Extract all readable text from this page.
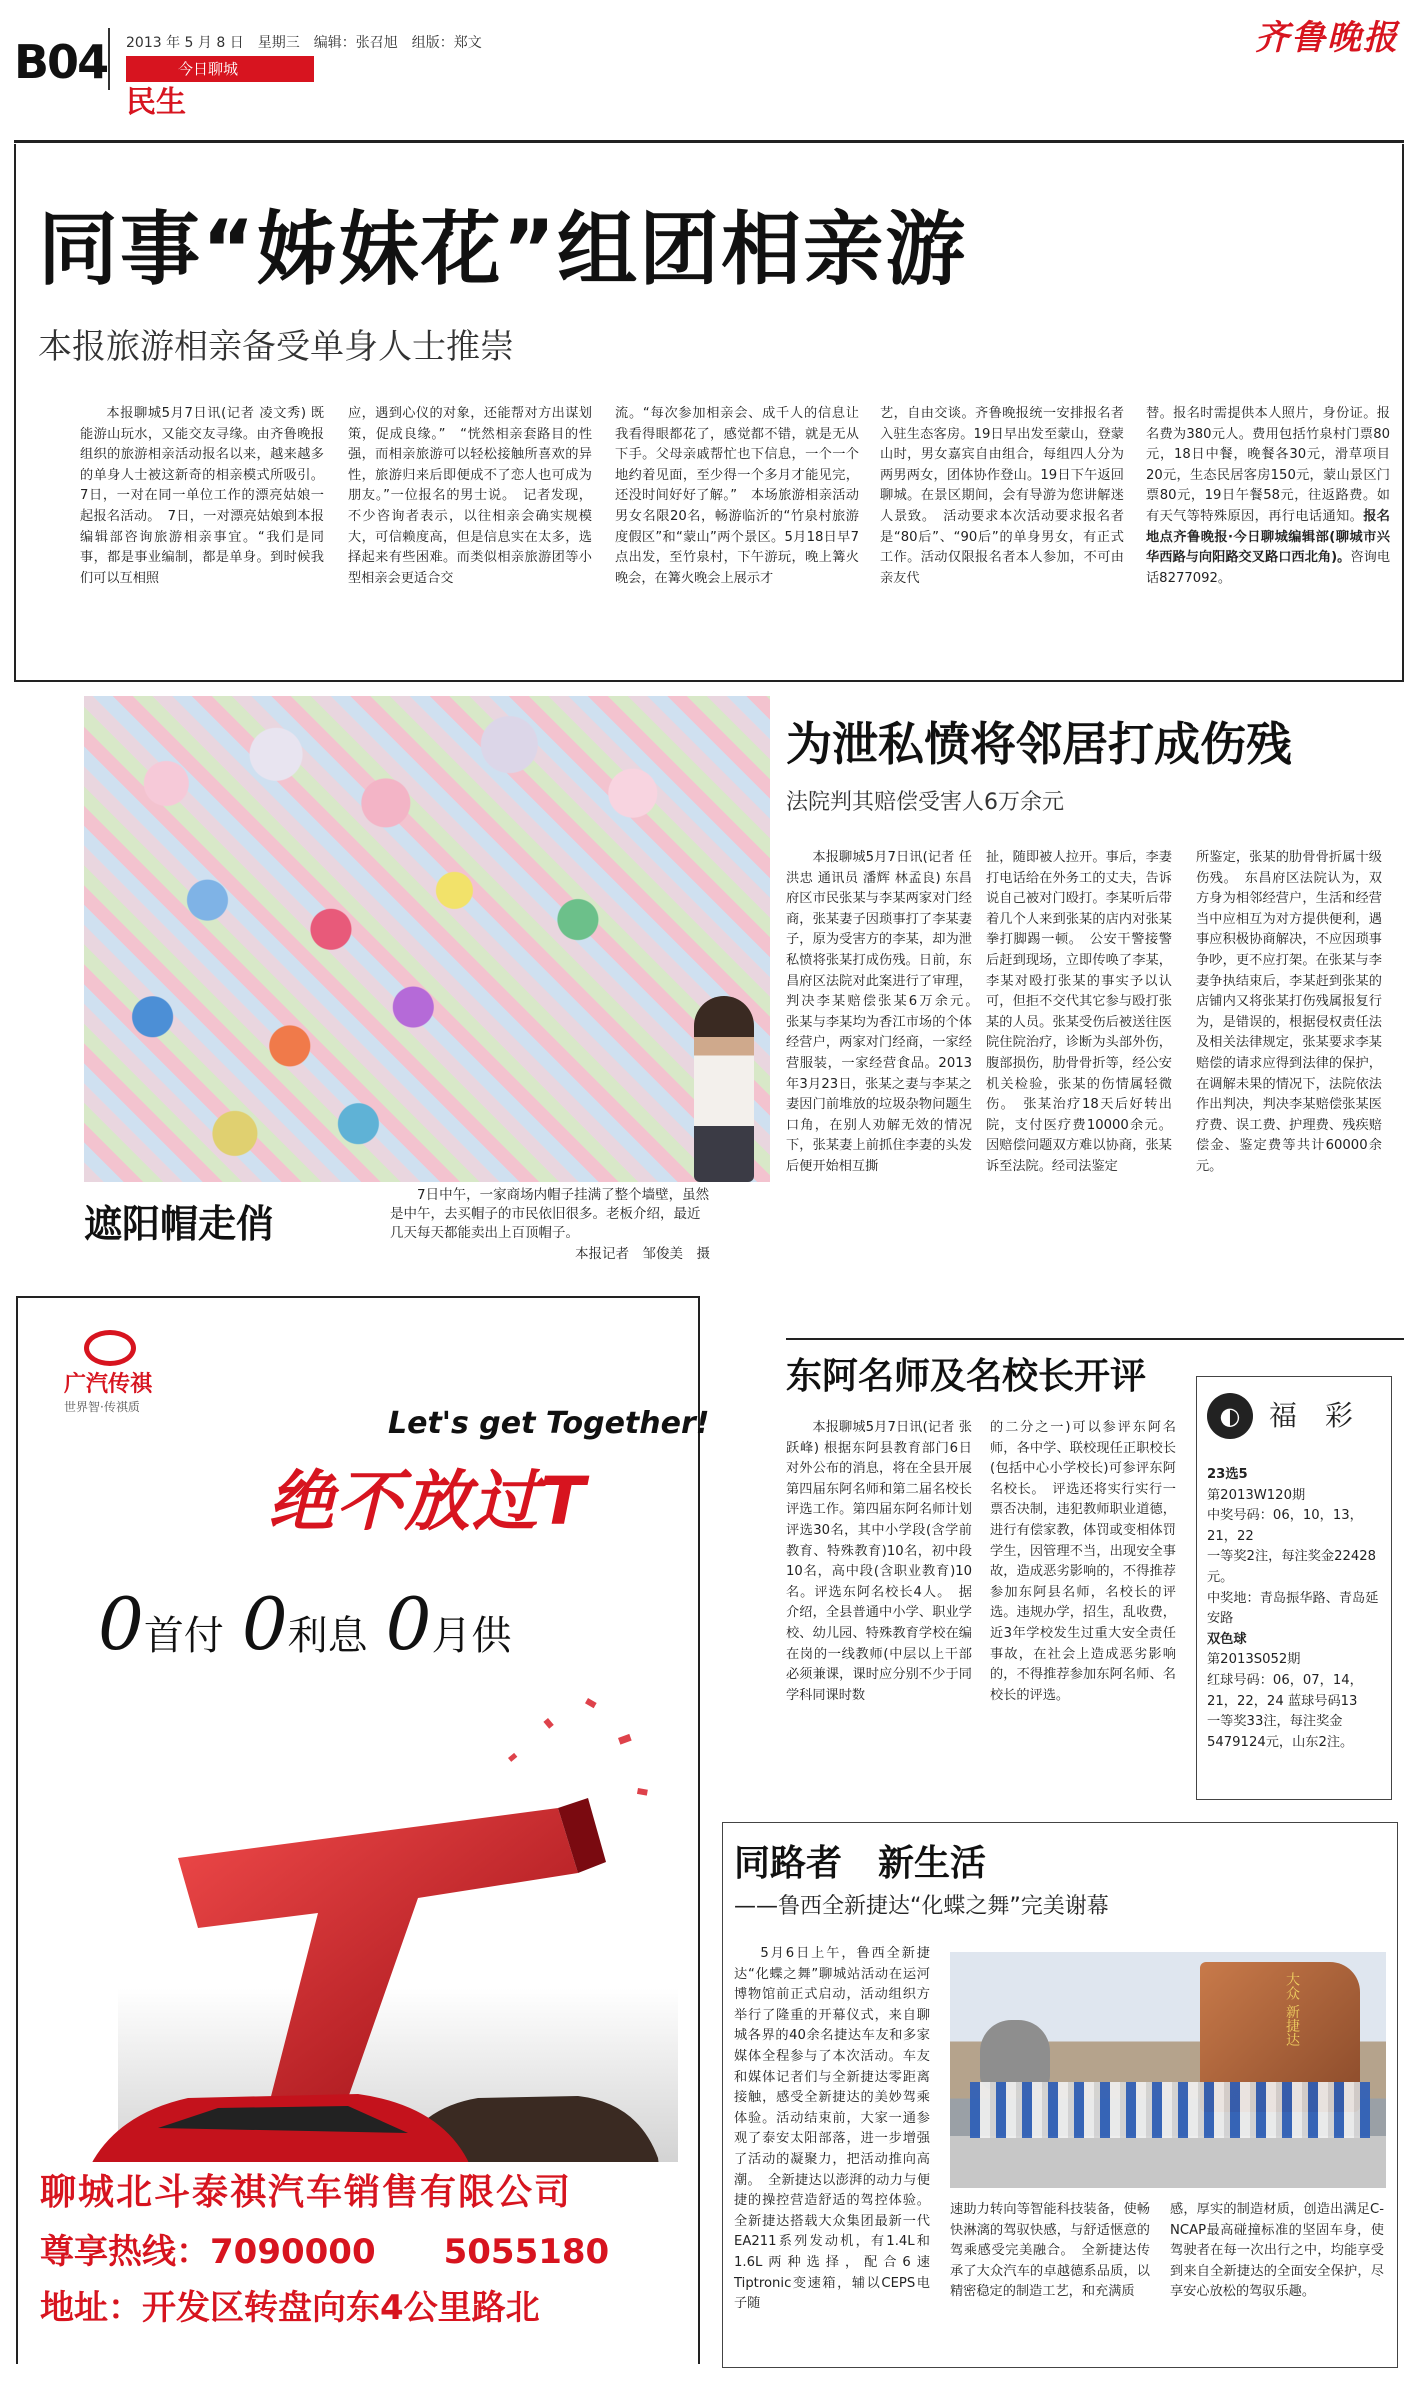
B04 2013 年 5 月 8 日　星期三　编辑：张召旭　组版：郑文
今日聊城
民生
齐鲁晚报
同事“姊妹花”组团相亲游
本报旅游相亲备受单身人士推崇

本报聊城5月7日讯(记者 凌文秀) 既能游山玩水，又能交友寻缘。由齐鲁晚报组织的旅游相亲活动报名以来，越来越多的单身人士被这新奇的相亲模式所吸引。7日，一对在同一单位工作的漂亮姑娘一起报名活动。　7日，一对漂亮姑娘到本报编辑部咨询旅游相亲事宜。“我们是同事，都是事业编制，都是单身。到时候我们可以互相照

应，遇到心仪的对象，还能帮对方出谋划策，促成良缘。”　“恍然相亲套路目的性强，而相亲旅游可以轻松接触所喜欢的异性，旅游归来后即便成不了恋人也可成为朋友。”一位报名的男士说。　记者发现，不少咨询者表示，以往相亲会确实规模大，可信赖度高，但是信息实在太多，选择起来有些困难。而类似相亲旅游团等小型相亲会更适合交

流。“每次参加相亲会、成千人的信息让我看得眼都花了，感觉都不错，就是无从下手。父母亲戚帮忙也下信息，一个一个地约着见面，至少得一个多月才能见完，还没时间好好了解。”　本场旅游相亲活动男女名限20名，畅游临沂的“竹泉村旅游度假区”和“蒙山”两个景区。5月18日早7点出发，至竹泉村，下午游玩，晚上篝火晚会，在篝火晚会上展示才

艺，自由交谈。齐鲁晚报统一安排报名者入驻生态客房。19日早出发至蒙山，登蒙山时，男女嘉宾自由组合，每组四人分为两男两女，团体协作登山。19日下午返回聊城。在景区期间，会有导游为您讲解迷人景致。　活动要求本次活动要求报名者是“80后”、“90后”的单身男女，有正式工作。活动仅限报名者本人参加，不可由亲友代

替。报名时需提供本人照片，身份证。报名费为380元人。费用包括竹泉村门票80元，18日中餐，晚餐各30元，滑草项目20元，生态民居客房150元，蒙山景区门票80元，19日午餐58元，往返路费。如有天气等特殊原因，再行电话通知。报名地点齐鲁晚报·今日聊城编辑部(聊城市兴华西路与向阳路交叉路口西北角)。咨询电话8277092。

遮阳帽走俏
7日中午，一家商场内帽子挂满了整个墙壁，虽然是中午，去买帽子的市民依旧很多。老板介绍，最近几天每天都能卖出上百顶帽子。
本报记者　邹俊美　摄
为泄私愤将邻居打成伤残
法院判其赔偿受害人6万余元

本报聊城5月7日讯(记者 任洪忠 通讯员 潘辉 林孟良) 东昌府区市民张某与李某两家对门经商，张某妻子因琐事打了李某妻子，原为受害方的李某，却为泄私愤将张某打成伤残。日前，东昌府区法院对此案进行了审理，判决李某赔偿张某6万余元。　张某与李某均为香江市场的个体经营户，两家对门经商，一家经营服装，一家经营食品。2013年3月23日，张某之妻与李某之妻因门前堆放的垃圾杂物问题生口角，在别人劝解无效的情况下，张某妻上前抓住李妻的头发后便开始相互撕

扯，随即被人拉开。事后，李妻打电话给在外务工的丈夫，告诉说自己被对门殴打。李某听后带着几个人来到张某的店内对张某拳打脚踢一顿。　公安干警接警后赶到现场，立即传唤了李某，李某对殴打张某的事实予以认可，但拒不交代其它参与殴打张某的人员。张某受伤后被送往医院住院治疗，诊断为头部外伤，腹部损伤，肋骨骨折等，经公安机关检验，张某的伤情属轻微伤。　张某治疗18天后好转出院，支付医疗费10000余元。因赔偿问题双方难以协商，张某诉至法院。经司法鉴定

所鉴定，张某的肋骨骨折属十级伤残。　东昌府区法院认为，双方身为相邻经营户，生活和经营当中应相互为对方提供便利，遇事应积极协商解决，不应因琐事争吵，更不应打架。在张某与李妻争执结束后，李某赶到张某的店铺内又将张某打伤残属报复行为，是错误的，根据侵权责任法及相关法律规定，张某要求李某赔偿的请求应得到法律的保护，在调解未果的情况下，法院依法作出判决，判决李某赔偿张某医疗费、误工费、护理费、残疾赔偿金、鉴定费等共计60000余元。

东阿名师及名校长开评

本报聊城5月7日讯(记者 张跃峰) 根据东阿县教育部门6日对外公布的消息，将在全县开展第四届东阿名师和第二届名校长评选工作。第四届东阿名师计划评选30名，其中小学段(含学前教育、特殊教育)10名，初中段10名，高中段(含职业教育)10名。评选东阿名校长4人。　据介绍，全县普通中小学、职业学校、幼儿园、特殊教育学校在编在岗的一线教师(中层以上干部必须兼课，课时应分别不少于同学科同课时数

的二分之一)可以参评东阿名师，各中学、联校现任正职校长(包括中心小学校长)可参评东阿名校长。　评选还将实行实行一票否决制，违犯教师职业道德，进行有偿家教，体罚或变相体罚学生，因管理不当，出现安全事故，造成恶劣影响的，不得推荐参加东阿县名师，名校长的评选。违规办学，招生，乱收费，近3年学校发生过重大安全责任事故，在社会上造成恶劣影响的，不得推荐参加东阿名师、名校长的评选。

◐	福　彩
23选5
第2013W120期
中奖号码：06，10，13，21，22
一等奖2注，每注奖金22428元。
中奖地：青岛振华路、青岛延安路
双色球
第2013S052期
红球号码：06，07，14，21，22，24 蓝球号码13
一等奖33注，每注奖金5479124元，山东2注。
广汽传祺
世界智·传祺质	Let's get Together!
绝不放过T
0首付 0利息 0月供
聊城北斗泰祺汽车销售有限公司
尊享热线：7090000　　5055180
地址：开发区转盘向东4公里路北
同路者　新生活
——鲁西全新捷达“化蝶之舞”完美谢幕

5月6日上午，鲁西全新捷达“化蝶之舞”聊城站活动在运河博物馆前正式启动，活动组织方举行了隆重的开幕仪式，来自聊城各界的40余名捷达车友和多家媒体全程参与了本次活动。车友和媒体记者们与全新捷达零距离接触，感受全新捷达的美妙驾乘体验。活动结束前，大家一通参观了泰安太阳部落，进一步增强了活动的凝聚力，把活动推向高潮。　全新捷达以澎湃的动力与便捷的操控营造舒适的驾控体验。全新捷达搭载大众集团最新一代EA211系列发动机，有1.4L和1.6L两种选择，配合6速Tiptronic变速箱，辅以CEPS电子随

大众 新捷达

速助力转向等智能科技装备，使畅快淋漓的驾驭快感，与舒适惬意的驾乘感受完美融合。　全新捷达传承了大众汽车的卓越德系品质，以精密稳定的制造工艺，和充满质

感，厚实的制造材质，创造出满足C-NCAP最高碰撞标准的坚固车身，使驾驶者在每一次出行之中，均能享受到来自全新捷达的全面安全保护，尽享安心放松的驾驭乐趣。
